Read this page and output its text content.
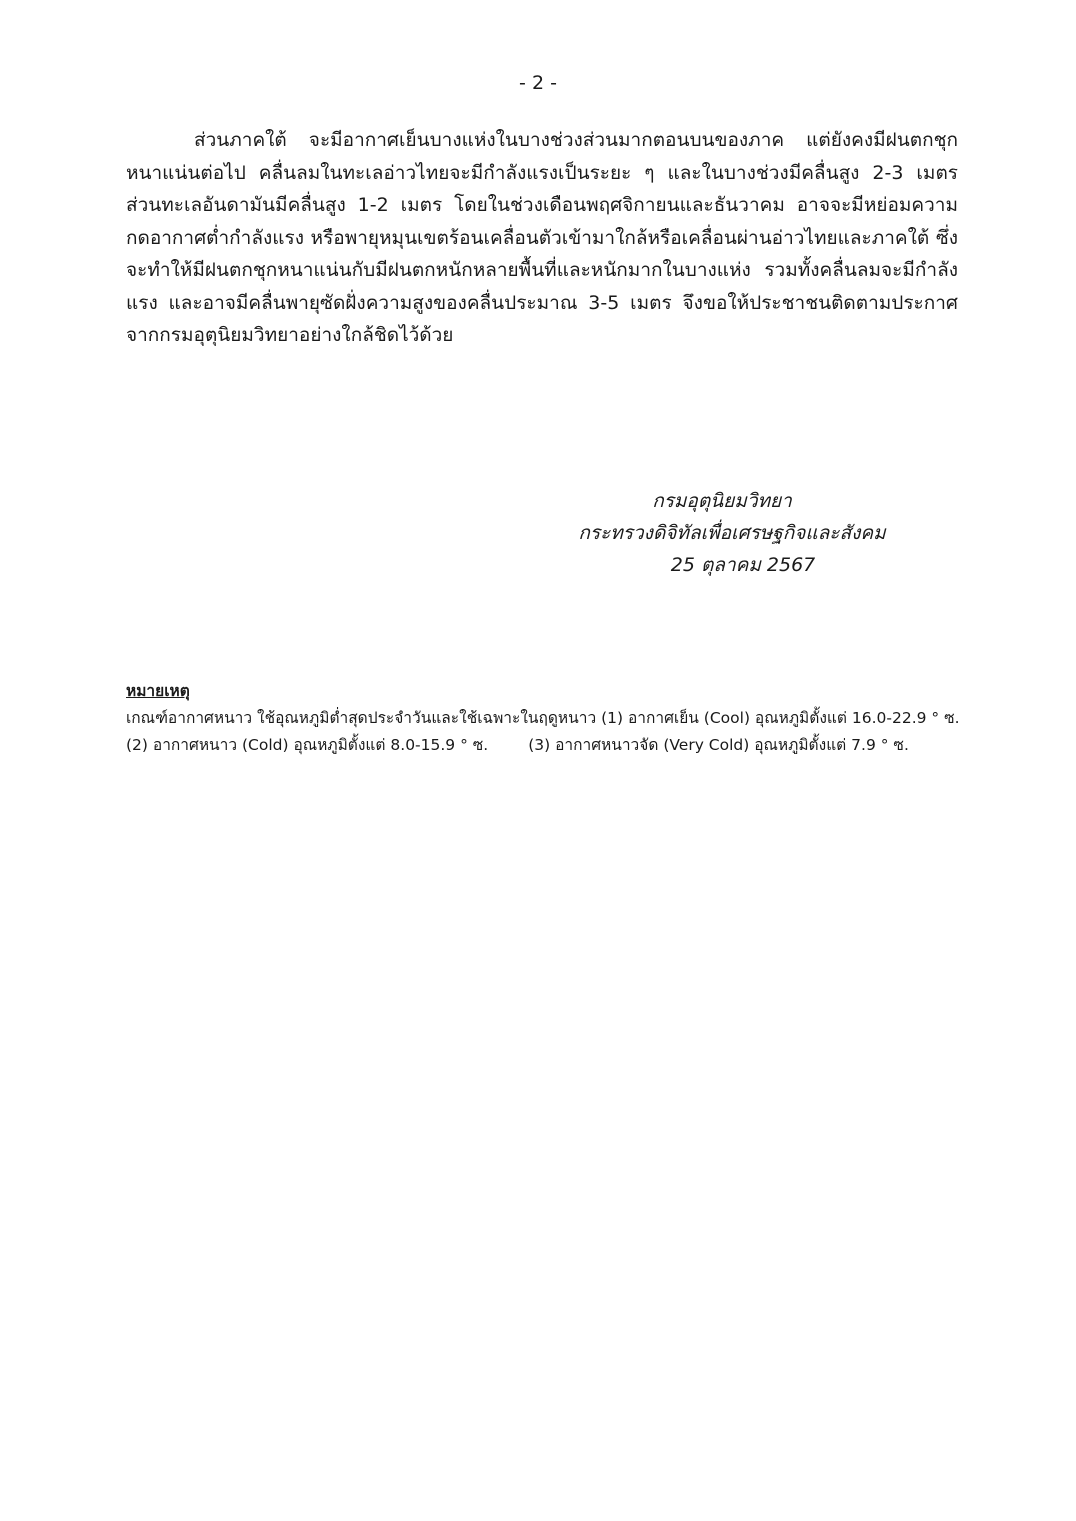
- 2 -

ส่วนภาคใต้ จะมีอากาศเย็นบางแห่งในบางช่วงส่วนมากตอนบนของภาค แต่ยังคงมีฝนตกชุกหนาแน่นต่อไป คลื่นลมในทะเลอ่าวไทยจะมีกำลังแรงเป็นระยะ ๆ และในบางช่วงมีคลื่นสูง 2-3 เมตร ส่วนทะเลอันดามันมีคลื่นสูง 1-2 เมตร โดยในช่วงเดือนพฤศจิกายนและธันวาคม อาจจะมีหย่อมความกดอากาศต่ำกำลังแรง หรือพายุหมุนเขตร้อนเคลื่อนตัวเข้ามาใกล้หรือเคลื่อนผ่านอ่าวไทยและภาคใต้ ซึ่งจะทำให้มีฝนตกชุกหนาแน่นกับมีฝนตกหนักหลายพื้นที่และหนักมากในบางแห่ง รวมทั้งคลื่นลมจะมีกำลังแรง และอาจมีคลื่นพายุซัดฝั่งความสูงของคลื่นประมาณ 3-5 เมตร จึงขอให้ประชาชนติดตามประกาศจากกรมอุตุนิยมวิทยาอย่างใกล้ชิดไว้ด้วย

กรมอุตุนิยมวิทยา
กระทรวงดิจิทัลเพื่อเศรษฐกิจและสังคม
25 ตุลาคม 2567
หมายเหตุ
เกณฑ์อากาศหนาว ใช้อุณหภูมิต่ำสุดประจำวันและใช้เฉพาะในฤดูหนาว (1) อากาศเย็น (Cool) อุณหภูมิตั้งแต่ 16.0-22.9 ° ซ.
(2) อากาศหนาว (Cold) อุณหภูมิตั้งแต่ 8.0-15.9 ° ซ.	(3) อากาศหนาวจัด (Very Cold) อุณหภูมิตั้งแต่ 7.9 ° ซ.
